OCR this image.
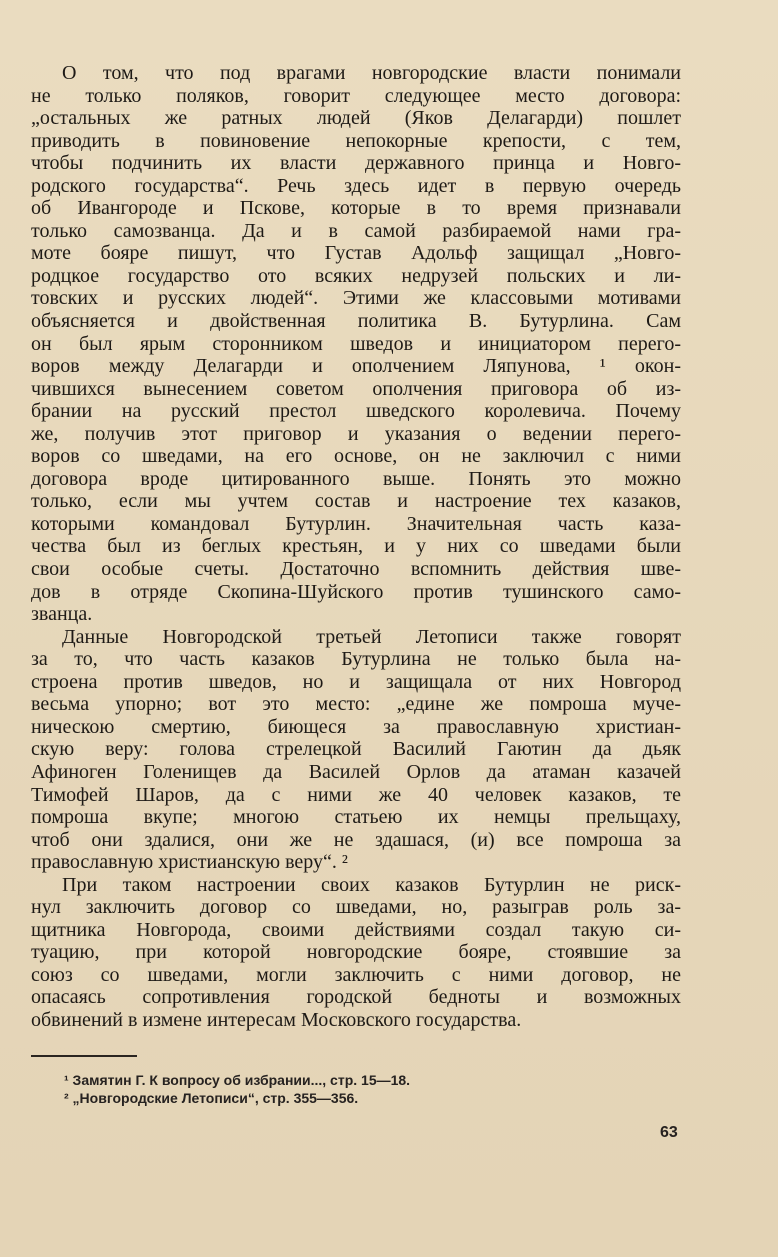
О том, что под врагами новгородские власти понимали
не только поляков, говорит следующее место договора:
„остальных же ратных людей (Яков Делагарди) пошлет
приводить в повиновение непокорные крепости, с тем,
чтобы подчинить их власти державного принца и Новго-
родского государства“. Речь здесь идет в первую очередь
об Ивангороде и Пскове, которые в то время признавали
только самозванца. Да и в самой разбираемой нами гра-
моте бояре пишут, что Густав Адольф защищал „Новго-
родцкое государство ото всяких недрузей польских и ли-
товских и русских людей“. Этими же классовыми мотивами
объясняется и двойственная политика В. Бутурлина. Сам
он был ярым сторонником шведов и инициатором перего-
воров между Делагарди и ополчением Ляпунова, ¹ окон-
чившихся вынесением советом ополчения приговора об из-
брании на русский престол шведского королевича. Почему
же, получив этот приговор и указания о ведении перего-
воров со шведами, на его основе, он не заключил с ними
договора вроде цитированного выше. Понять это можно
только, если мы учтем состав и настроение тех казаков,
которыми командовал Бутурлин. Значительная часть каза-
чества был из беглых крестьян, и у них со шведами были
свои особые счеты. Достаточно вспомнить действия шве-
дов в отряде Скопина-Шуйского против тушинского само-
званца.
Данные Новгородской третьей Летописи также говорят
за то, что часть казаков Бутурлина не только была на-
строена против шведов, но и защищала от них Новгород
весьма упорно; вот это место: „едине же помроша муче-
ническою смертию, биющеся за православную христиан-
скую веру: голова стрелецкой Василий Гаютин да дьяк
Афиноген Голенищев да Василей Орлов да атаман казачей
Тимофей Шаров, да с ними же 40 человек казаков, те
помроша вкупе; многою статьею их немцы прельщаху,
чтоб они здалися, они же не здашася, (и) все помроша за
православную христианскую веру“. ²
При таком настроении своих казаков Бутурлин не риск-
нул заключить договор со шведами, но, разыграв роль за-
щитника Новгорода, своими действиями создал такую си-
туацию, при которой новгородские бояре, стоявшие за
союз со шведами, могли заключить с ними договор, не
опасаясь сопротивления городской бедноты и возможных
обвинений в измене интересам Московского государства.
¹ Замятин Г. К вопросу об избрании..., стр. 15—18.
² „Новгородские Летописи“, стр. 355—356.
63
